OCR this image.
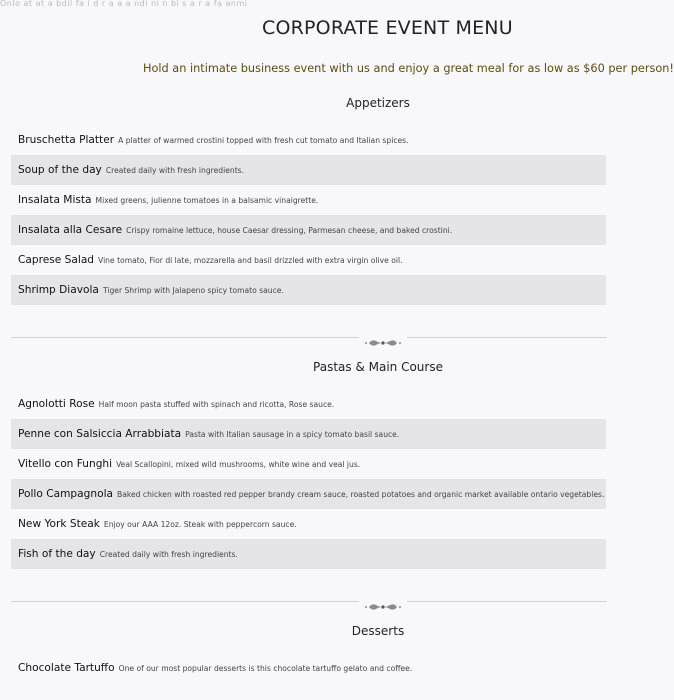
Onlo at at a bdil fa i d r a a a ndi ni n bi s a r a fa anmi
CORPORATE EVENT MENU
Hold an intimate business event with us and enjoy a great meal for as low as $60 per person!
Appetizers
Bruschetta Platter A platter of warmed crostini topped with fresh cut tomato and Italian spices.
Soup of the day Created daily with fresh ingredients.
Insalata Mista Mixed greens, julienne tomatoes in a balsamic vinaigrette.
Insalata alla Cesare Crispy romaine lettuce, house Caesar dressing, Parmesan cheese, and baked crostini.
Caprese Salad Vine tomato, Fior di late, mozzarella and basil drizzled with extra virgin olive oil.
Shrimp Diavola Tiger Shrimp with Jalapeno spicy tomato sauce.
Pastas & Main Course
Agnolotti Rose Half moon pasta stuffed with spinach and ricotta, Rose sauce.
Penne con Salsiccia Arrabbiata Pasta with Italian sausage in a spicy tomato basil sauce.
Vitello con Funghi Veal Scallopini, mixed wild mushrooms, white wine and veal jus.
Pollo Campagnola Baked chicken with roasted red pepper brandy cream sauce, roasted potatoes and organic market available ontario vegetables.
New York Steak Enjoy our AAA 12oz. Steak with peppercorn sauce.
Fish of the day Created daily with fresh ingredients.
Desserts
Chocolate Tartuffo One of our most popular desserts is this chocolate tartuffo gelato and coffee.
